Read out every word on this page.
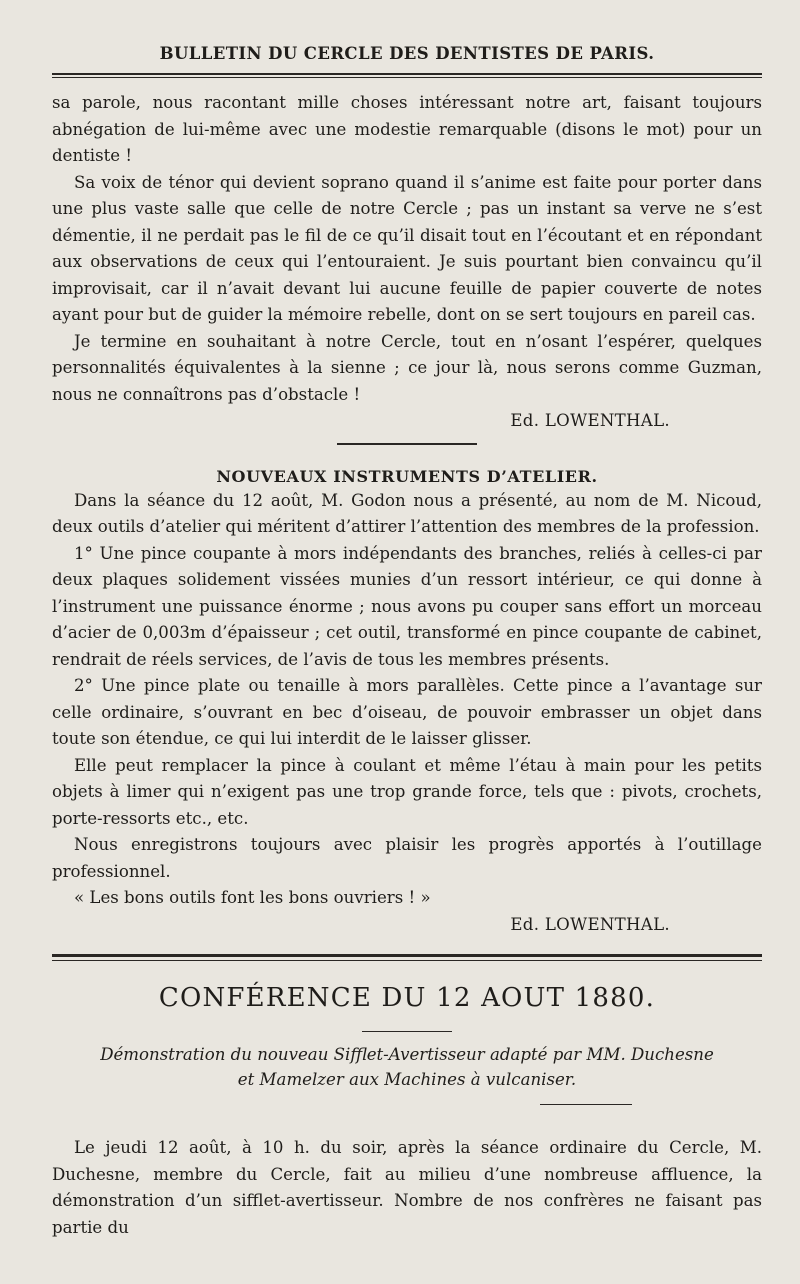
BULLETIN DU CERCLE DES DENTISTES DE PARIS.

sa parole, nous racontant mille choses intéressant notre art, faisant toujours abnégation de lui-même avec une modestie remarquable (disons le mot) pour un dentiste !

Sa voix de ténor qui devient soprano quand il s’anime est faite pour porter dans une plus vaste salle que celle de notre Cercle ; pas un instant sa verve ne s’est démentie, il ne perdait pas le fil de ce qu’il disait tout en l’écoutant et en répondant aux observations de ceux qui l’entouraient. Je suis pourtant bien convaincu qu’il improvisait, car il n’avait devant lui aucune feuille de papier couverte de notes ayant pour but de guider la mémoire rebelle, dont on se sert toujours en pareil cas.

Je termine en souhaitant à notre Cercle, tout en n’osant l’espérer, quelques personnalités équivalentes à la sienne ; ce jour là, nous serons comme Guzman, nous ne connaîtrons pas d’obstacle !

Ed. LOWENTHAL.

NOUVEAUX INSTRUMENTS D’ATELIER.

Dans la séance du 12 août, M. Godon nous a présenté, au nom de M. Nicoud, deux outils d’atelier qui méritent d’attirer l’attention des membres de la profession.

1° Une pince coupante à mors indépendants des branches, reliés à celles-ci par deux plaques solidement vissées munies d’un ressort intérieur, ce qui donne à l’instrument une puissance énorme ; nous avons pu couper sans effort un morceau d’acier de 0,003m d’épaisseur ; cet outil, transformé en pince coupante de cabinet, rendrait de réels services, de l’avis de tous les membres présents.

2° Une pince plate ou tenaille à mors parallèles. Cette pince a l’avantage sur celle ordinaire, s’ouvrant en bec d’oiseau, de pouvoir embrasser un objet dans toute son étendue, ce qui lui interdit de le laisser glisser.

Elle peut remplacer la pince à coulant et même l’étau à main pour les petits objets à limer qui n’exigent pas une trop grande force, tels que : pivots, crochets, porte-ressorts etc., etc.

Nous enregistrons toujours avec plaisir les progrès apportés à l’outillage professionnel.

« Les bons outils font les bons ouvriers ! »

Ed. LOWENTHAL.

CONFÉRENCE DU 12 AOUT 1880.
Démonstration du nouveau Sifflet-Avertisseur adapté par MM. Duchesne
et Mamelzer aux Machines à vulcaniser.

Le jeudi 12 août, à 10 h. du soir, après la séance ordinaire du Cercle, M. Duchesne, membre du Cercle, fait au milieu d’une nombreuse affluence, la démonstration d’un sifflet-avertisseur. Nombre de nos confrères ne faisant pas partie du
